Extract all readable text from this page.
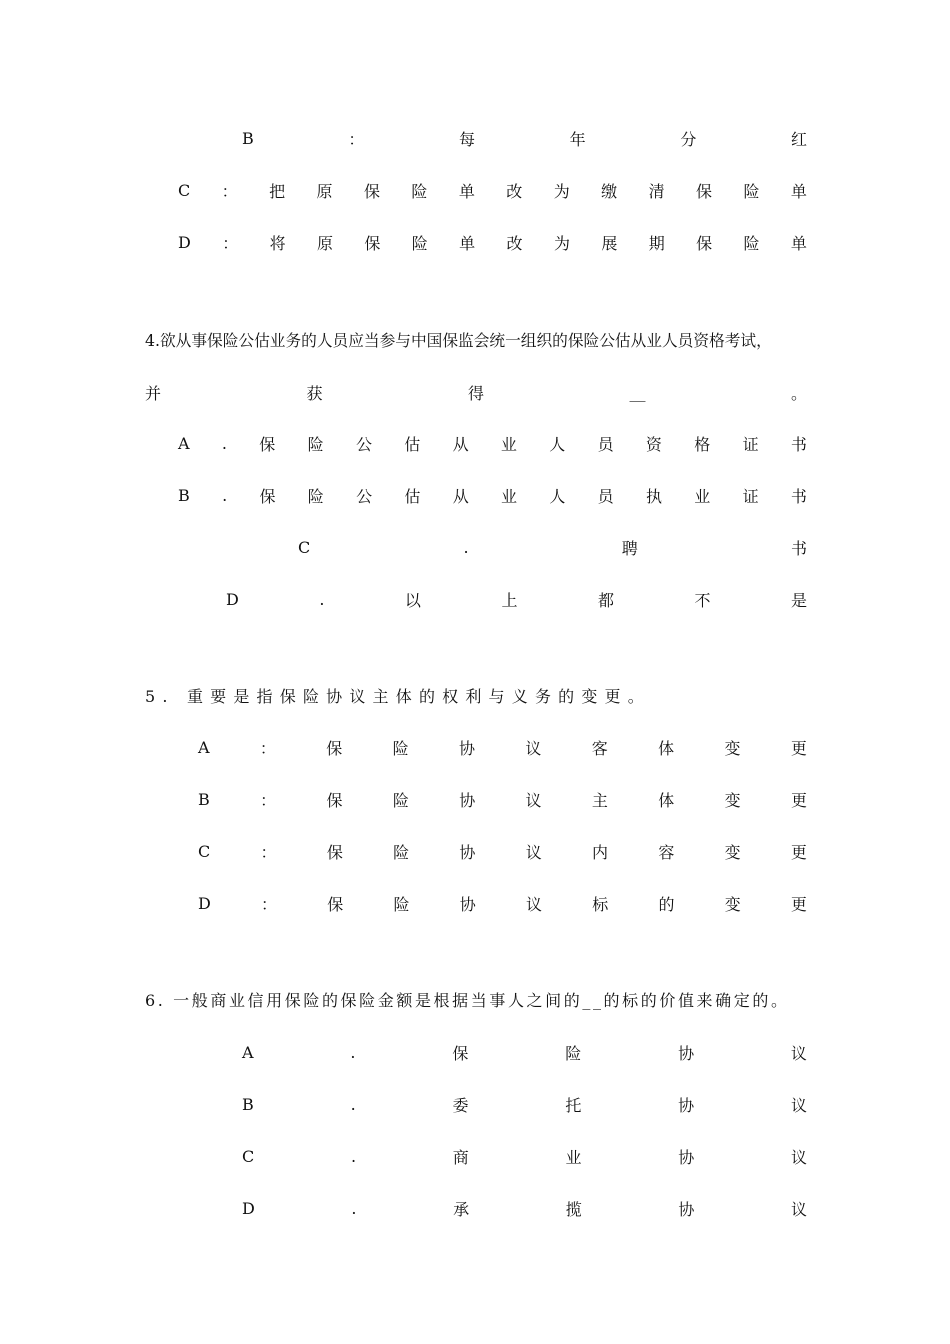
B	：	每	年	分	红
C ： 把 原 保 险 单 改 为 缴 清 保 险 单
D ： 将 原 保 险 单 改 为 展 期 保 险 单
4.欲从事保险公估业务的人员应当参与中国保监会统一组织的保险公估从业人员资格考试，
并	获	得	__	。
A . 保 险 公 估 从 业 人 员 资 格 证 书
B . 保 险 公 估 从 业 人 员 执 业 证 书
C	.	聘	书
D	.	以	上	都	不	是
5. 重要是指保险协议主体的权利与义务的变更。
A	：	保	险	协	议	客	体	变	更
B	：	保	险	协	议	主	体	变	更
C	：	保	险	协	议	内	容	变	更
D	：	保	险	协	议	标	的	变	更
6. 一般商业信用保险的保险金额是根据当事人之间的__的标的价值来确定的。
A	.	保	险	协	议
B	.	委	托	协	议
C	.	商	业	协	议
D	.	承	揽	协	议
